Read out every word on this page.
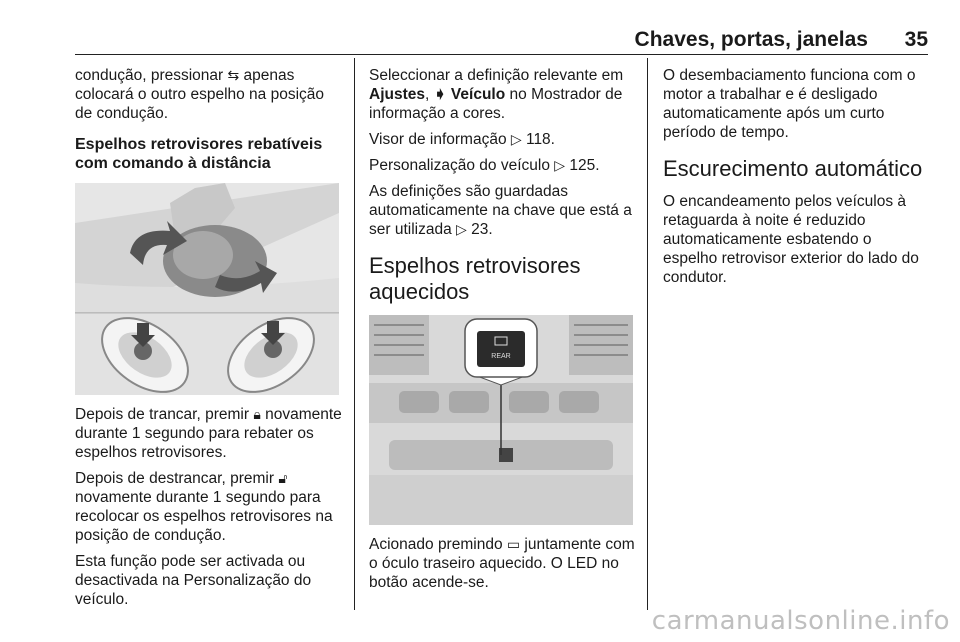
Chaves, portas, janelas 35

condução, pressionar ⇆ apenas colocará o outro espelho na posição de condução.

Espelhos retrovisores rebatíveis com comando à distância

Depois de trancar, premir 🔒︎ novamente durante 1 segundo para rebater os espelhos retrovisores.

Depois de destrancar, premir 🔓︎ novamente durante 1 segundo para recolocar os espelhos retrovisores na posição de condução.

Esta função pode ser activada ou desactivada na Personalização do veículo.

Seleccionar a definição relevante em Ajustes, ➧ Veículo no Mostrador de informação a cores.

Visor de informação ▷ 118.

Personalização do veículo ▷ 125.

As definições são guardadas automaticamente na chave que está a ser utilizada ▷ 23.

Espelhos retrovisores aquecidos
REAR

Acionado premindo ▭ juntamente com o óculo traseiro aquecido. O LED no botão acende-se.

O desembaciamento funciona com o motor a trabalhar e é desligado automaticamente após um curto período de tempo.

Escurecimento automático

O encandeamento pelos veículos à retaguarda à noite é reduzido automaticamente esbatendo o espelho retrovisor exterior do lado do condutor.

carmanualsonline.info
